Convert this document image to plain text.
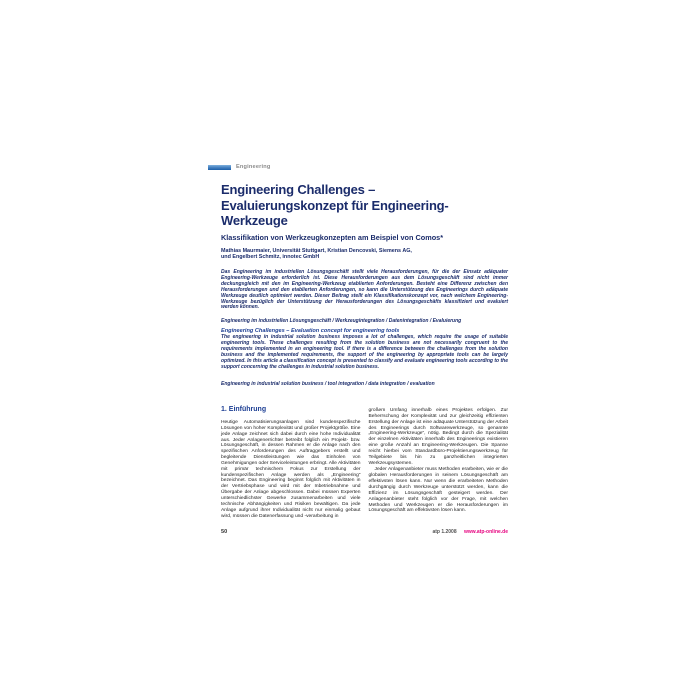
Engineering
Engineering Challenges –
Evaluierungskonzept für Engineering-
Werkzeuge
Klassifikation von Werkzeugkonzepten am Beispiel von Comos*
Mathias Maurmaier, Universität Stuttgart, Kristian Dencovski, Siemens AG,
und Engelbert Schmitz, innotec GmbH

Das Engineering im industriellen Lösungsgeschäft stellt viele Herausforderungen, für die der Einsatz adäquater Engineering-Werkzeuge erforderlich ist. Diese Herausforderungen aus dem Lösungsgeschäft sind nicht immer deckungsgleich mit den im Engineering-Werkzeug etablierten Anforderungen. Besteht eine Differenz zwischen den Herausforderungen und den etablierten Anforderungen, so kann die Unterstützung des Engineerings durch adäquate Werkzeuge deutlich optimiert werden. Dieser Beitrag stellt ein Klassifikationskonzept vor, nach welchem Engineering-Werkzeuge bezüglich der Unterstützung der Herausforderungen des Lösungsgeschäfts klassifiziert und evaluiert werden können.

Engineering im industriellen Lösungsgeschäft / Werkzeugintegration / Datenintegration / Evaluierung
Engineering Challenges – Evaluation concept for engineering tools

The engineering in industrial solution business imposes a lot of challenges, which require the usage of suitable engineering tools. These challenges resulting from the solution business are not necessarily congruent to the requirements implemented in an engineering tool. If there is a difference between the challenges from the solution business and the implemented requirements, the support of the engineering by appropriate tools can be largely optimized. In this article a classification concept is presented to classify and evaluate engineering tools according to the support concerning the challenges in industrial solution business.

Engineering in industrial solution business / tool integration / data integration / evaluation
1. Einführung

Heutige Automatisierungsanlagen sind kundenspezifische Lösungen von hoher Komplexität und großer Projektgröße. Eine jede Anlage zeichnet sich dabei durch eine hohe Individualität aus. Jeder Anlagenerrichter betreibt folglich ein Projekt- bzw. Lösungsgeschäft, in dessen Rahmen er die Anlage nach den spezifischen Anforderungen des Auftraggebers erstellt und begleitende Dienstleistungen wie das Einholen von Genehmigungen oder Serviceleistungen erbringt. Alle Aktivitäten mit primär technischem Fokus zur Erstellung der kundenspezifischen Anlage werden als „Engineering“ bezeichnet. Das Engineering beginnt folglich mit Aktivitäten in der Vertriebsphase und wird mit der Inbetriebnahme und Übergabe der Anlage abgeschlossen. Dabei müssen Experten unterschiedlichster Gewerke zusammenarbeiten und viele technische Abhängigkeiten und Risiken bewältigen. Da jede Anlage aufgrund ihrer Individualität nicht nur einmalig gebaut wird, müssen die Datenerfassung und -verarbeitung in

großem Umfang innerhalb eines Projektes erfolgen. Zur Beherrschung der Komplexität und zur gleichzeitig effizienten Erstellung der Anlage ist eine adäquate Unterstützung der Arbeit des Engineerings durch Softwarewerkzeuge, so genannte „Engineering-Werkzeuge“, nötig. Bedingt durch die Spezialität der einzelnen Aktivitäten innerhalb des Engineerings existieren eine große Anzahl an Engineering-Werkzeugen. Die Spanne reicht hierbei vom Standardbüro-Projektierungswerkzeug für Teilgebiete bis hin zu ganzheitlichen integrierten Werkzeugsystemen.

Jeder Anlagenanbieter muss Methoden erarbeiten, wie er die globalen Herausforderungen in seinem Lösungsgeschäft am effektivsten lösen kann. Nur wenn die erarbeiteten Methoden durchgängig durch Werkzeuge unterstützt werden, kann die Effizienz im Lösungsgeschäft gesteigert werden. Der Anlagenanbieter steht folglich vor der Frage, mit welchen Methoden und Werkzeugen er die Herausforderungen im Lösungsgeschäft am effektivsten lösen kann.

50	atp 1.2008 www.atp-online.de
